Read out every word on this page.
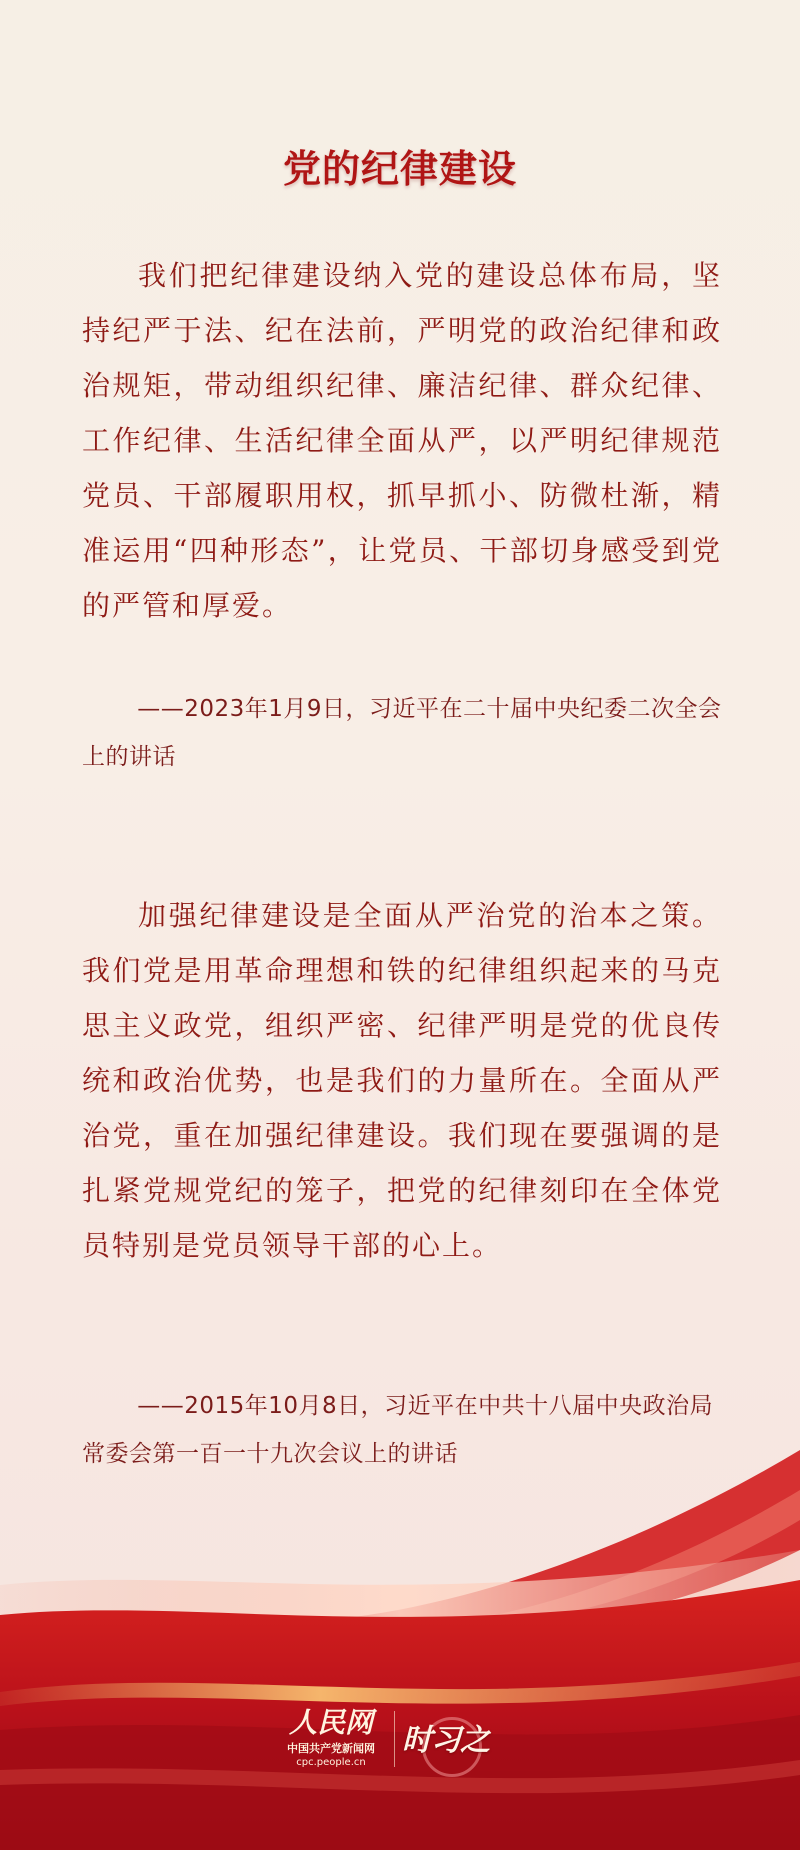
党的纪律建设
我们把纪律建设纳入党的建设总体布局，坚持纪严于法、纪在法前，严明党的政治纪律和政治规矩，带动组织纪律、廉洁纪律、群众纪律、工作纪律、生活纪律全面从严，以严明纪律规范党员、干部履职用权，抓早抓小、防微杜渐，精准运用“四种形态”，让党员、干部切身感受到党的严管和厚爱。
——2023年1月9日，习近平在二十届中央纪委二次全会上的讲话
加强纪律建设是全面从严治党的治本之策。我们党是用革命理想和铁的纪律组织起来的马克思主义政党，组织严密、纪律严明是党的优良传统和政治优势，也是我们的力量所在。全面从严治党，重在加强纪律建设。我们现在要强调的是扎紧党规党纪的笼子，把党的纪律刻印在全体党员特别是党员领导干部的心上。
——2015年10月8日，习近平在中共十八届中央政治局常委会第一百一十九次会议上的讲话
人民网
中国共产党新闻网
cpc.people.cn
时习之
